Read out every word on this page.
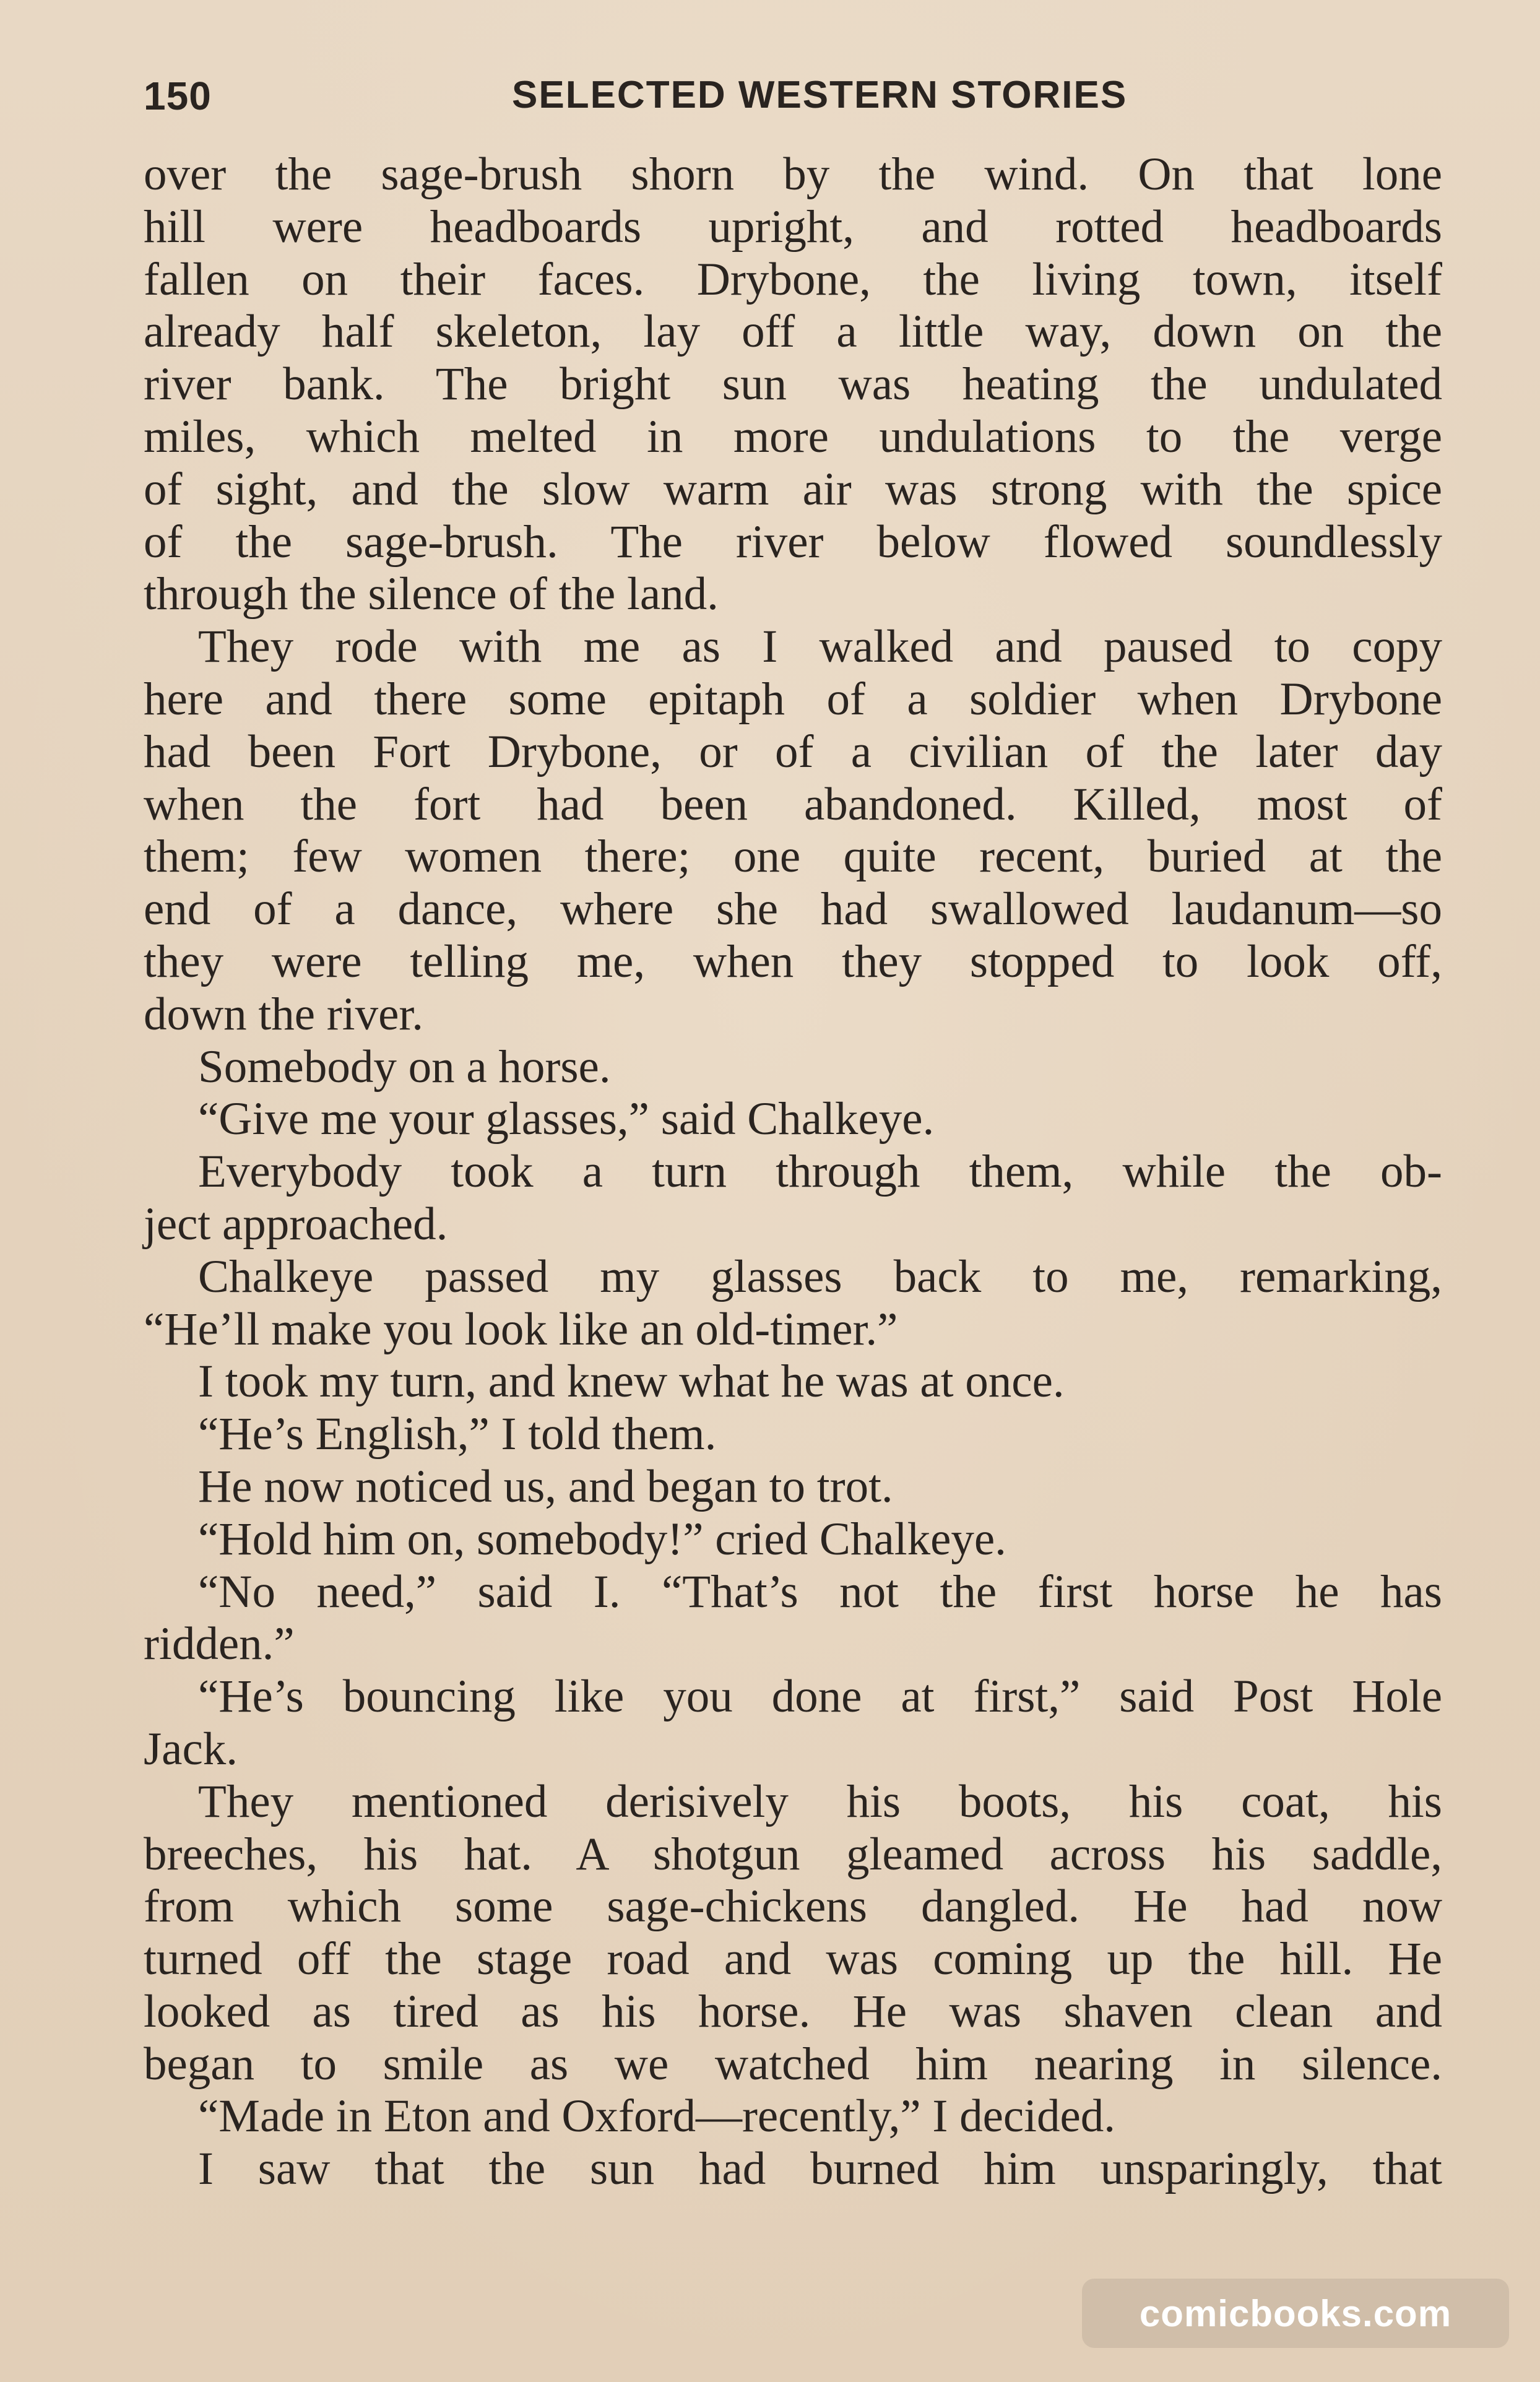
150	SELECTED WESTERN STORIES
over the sage-brush shorn by the wind. On that lone
hill were headboards upright, and rotted headboards
fallen on their faces. Drybone, the living town, itself
already half skeleton, lay off a little way, down on the
river bank. The bright sun was heating the undulated
miles, which melted in more undulations to the verge
of sight, and the slow warm air was strong with the spice
of the sage-brush. The river below flowed soundlessly
through the silence of the land.
They rode with me as I walked and paused to copy
here and there some epitaph of a soldier when Drybone
had been Fort Drybone, or of a civilian of the later day
when the fort had been abandoned. Killed, most of
them; few women there; one quite recent, buried at the
end of a dance, where she had swallowed laudanum—so
they were telling me, when they stopped to look off,
down the river.
Somebody on a horse.
“Give me your glasses,” said Chalkeye.
Everybody took a turn through them, while the ob-
ject approached.
Chalkeye passed my glasses back to me, remarking,
“He’ll make you look like an old-timer.”
I took my turn, and knew what he was at once.
“He’s English,” I told them.
He now noticed us, and began to trot.
“Hold him on, somebody!” cried Chalkeye.
“No need,” said I. “That’s not the first horse he has
ridden.”
“He’s bouncing like you done at first,” said Post Hole
Jack.
They mentioned derisively his boots, his coat, his
breeches, his hat. A shotgun gleamed across his saddle,
from which some sage-chickens dangled. He had now
turned off the stage road and was coming up the hill. He
looked as tired as his horse. He was shaven clean and
began to smile as we watched him nearing in silence.
“Made in Eton and Oxford—recently,” I decided.
I saw that the sun had burned him unsparingly, that
comicbooks.com
